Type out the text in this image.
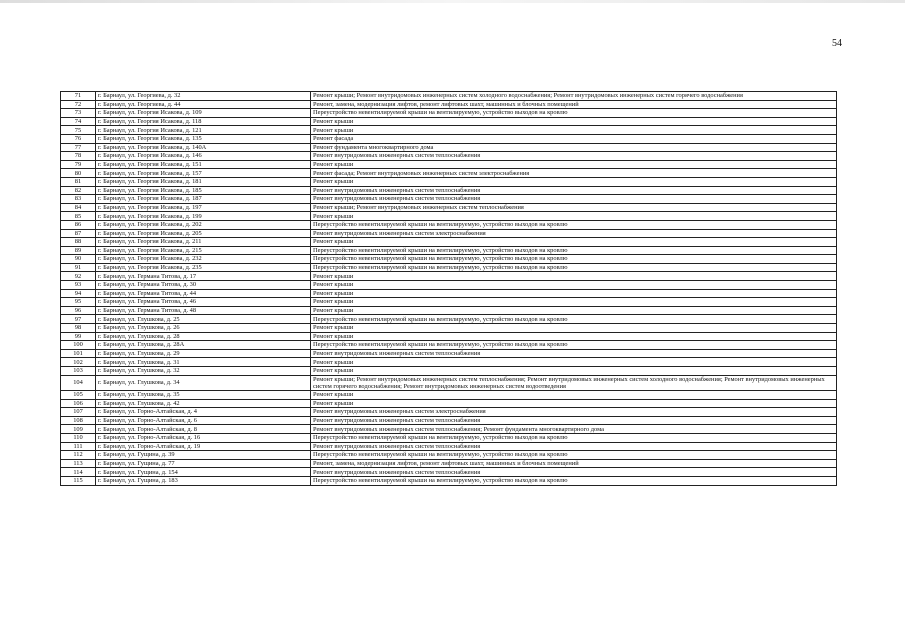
54
71	г. Барнаул, ул. Георгиева, д. 32	Ремонт крыши; Ремонт внутридомовых инженерных систем холодного водоснабжения; Ремонт внутридомовых инженерных систем горячего водоснабжения
72	г. Барнаул, ул. Георгиева, д. 44	Ремонт, замена, модернизация лифтов, ремонт лифтовых шахт, машинных и блочных помещений
73	г. Барнаул, ул. Георгия Исакова, д. 109	Переустройство невентилируемой крыши на вентилируемую, устройство выходов на кровлю
74	г. Барнаул, ул. Георгия Исакова, д. 118	Ремонт крыши
75	г. Барнаул, ул. Георгия Исакова, д. 121	Ремонт крыши
76	г. Барнаул, ул. Георгия Исакова, д. 135	Ремонт фасада
77	г. Барнаул, ул. Георгия Исакова, д. 140А	Ремонт фундамента многоквартирного дома
78	г. Барнаул, ул. Георгия Исакова, д. 146	Ремонт внутридомовых инженерных систем теплоснабжения
79	г. Барнаул, ул. Георгия Исакова, д. 151	Ремонт крыши
80	г. Барнаул, ул. Георгия Исакова, д. 157	Ремонт фасада; Ремонт внутридомовых инженерных систем электроснабжения
81	г. Барнаул, ул. Георгия Исакова, д. 181	Ремонт крыши
82	г. Барнаул, ул. Георгия Исакова, д. 185	Ремонт внутридомовых инженерных систем теплоснабжения
83	г. Барнаул, ул. Георгия Исакова, д. 187	Ремонт внутридомовых инженерных систем теплоснабжения
84	г. Барнаул, ул. Георгия Исакова, д. 197	Ремонт крыши; Ремонт внутридомовых инженерных систем теплоснабжения
85	г. Барнаул, ул. Георгия Исакова, д. 199	Ремонт крыши
86	г. Барнаул, ул. Георгия Исакова, д. 202	Переустройство невентилируемой крыши на вентилируемую, устройство выходов на кровлю
87	г. Барнаул, ул. Георгия Исакова, д. 205	Ремонт внутридомовых инженерных систем электроснабжения
88	г. Барнаул, ул. Георгия Исакова, д. 211	Ремонт крыши
89	г. Барнаул, ул. Георгия Исакова, д. 215	Переустройство невентилируемой крыши на вентилируемую, устройство выходов на кровлю
90	г. Барнаул, ул. Георгия Исакова, д. 232	Переустройство невентилируемой крыши на вентилируемую, устройство выходов на кровлю
91	г. Барнаул, ул. Георгия Исакова, д. 235	Переустройство невентилируемой крыши на вентилируемую, устройство выходов на кровлю
92	г. Барнаул, ул. Германа Титова, д. 17	Ремонт крыши
93	г. Барнаул, ул. Германа Титова, д. 30	Ремонт крыши
94	г. Барнаул, ул. Германа Титова, д. 44	Ремонт крыши
95	г. Барнаул, ул. Германа Титова, д. 46	Ремонт крыши
96	г. Барнаул, ул. Германа Титова, д. 48	Ремонт крыши
97	г. Барнаул, ул. Глушкова, д. 25	Переустройство невентилируемой крыши на вентилируемую, устройство выходов на кровлю
98	г. Барнаул, ул. Глушкова, д. 26	Ремонт крыши
99	г. Барнаул, ул. Глушкова, д. 28	Ремонт крыши
100	г. Барнаул, ул. Глушкова, д. 28А	Переустройство невентилируемой крыши на вентилируемую, устройство выходов на кровлю
101	г. Барнаул, ул. Глушкова, д. 29	Ремонт внутридомовых инженерных систем теплоснабжения
102	г. Барнаул, ул. Глушкова, д. 31	Ремонт крыши
103	г. Барнаул, ул. Глушкова, д. 32	Ремонт крыши
104	г. Барнаул, ул. Глушкова, д. 34	Ремонт крыши; Ремонт внутридомовых инженерных систем теплоснабжения; Ремонт внутридомовых инженерных систем холодного водоснабжения; Ремонт внутридомовых инженерных систем горячего водоснабжения; Ремонт внутридомовых инженерных систем водоотведения
105	г. Барнаул, ул. Глушкова, д. 35	Ремонт крыши
106	г. Барнаул, ул. Глушкова, д. 42	Ремонт крыши
107	г. Барнаул, ул. Горно-Алтайская, д. 4	Ремонт внутридомовых инженерных систем электроснабжения
108	г. Барнаул, ул. Горно-Алтайская, д. 6	Ремонт внутридомовых инженерных систем теплоснабжения
109	г. Барнаул, ул. Горно-Алтайская, д. 8	Ремонт внутридомовых инженерных систем теплоснабжения; Ремонт фундамента многоквартирного дома
110	г. Барнаул, ул. Горно-Алтайская, д. 16	Переустройство невентилируемой крыши на вентилируемую, устройство выходов на кровлю
111	г. Барнаул, ул. Горно-Алтайская, д. 19	Ремонт внутридомовых инженерных систем теплоснабжения
112	г. Барнаул, ул. Гущина, д. 39	Переустройство невентилируемой крыши на вентилируемую, устройство выходов на кровлю
113	г. Барнаул, ул. Гущина, д. 77	Ремонт, замена, модернизация лифтов, ремонт лифтовых шахт, машинных и блочных помещений
114	г. Барнаул, ул. Гущина, д. 154	Ремонт внутридомовых инженерных систем теплоснабжения
115	г. Барнаул, ул. Гущина, д. 183	Переустройство невентилируемой крыши на вентилируемую, устройство выходов на кровлю
